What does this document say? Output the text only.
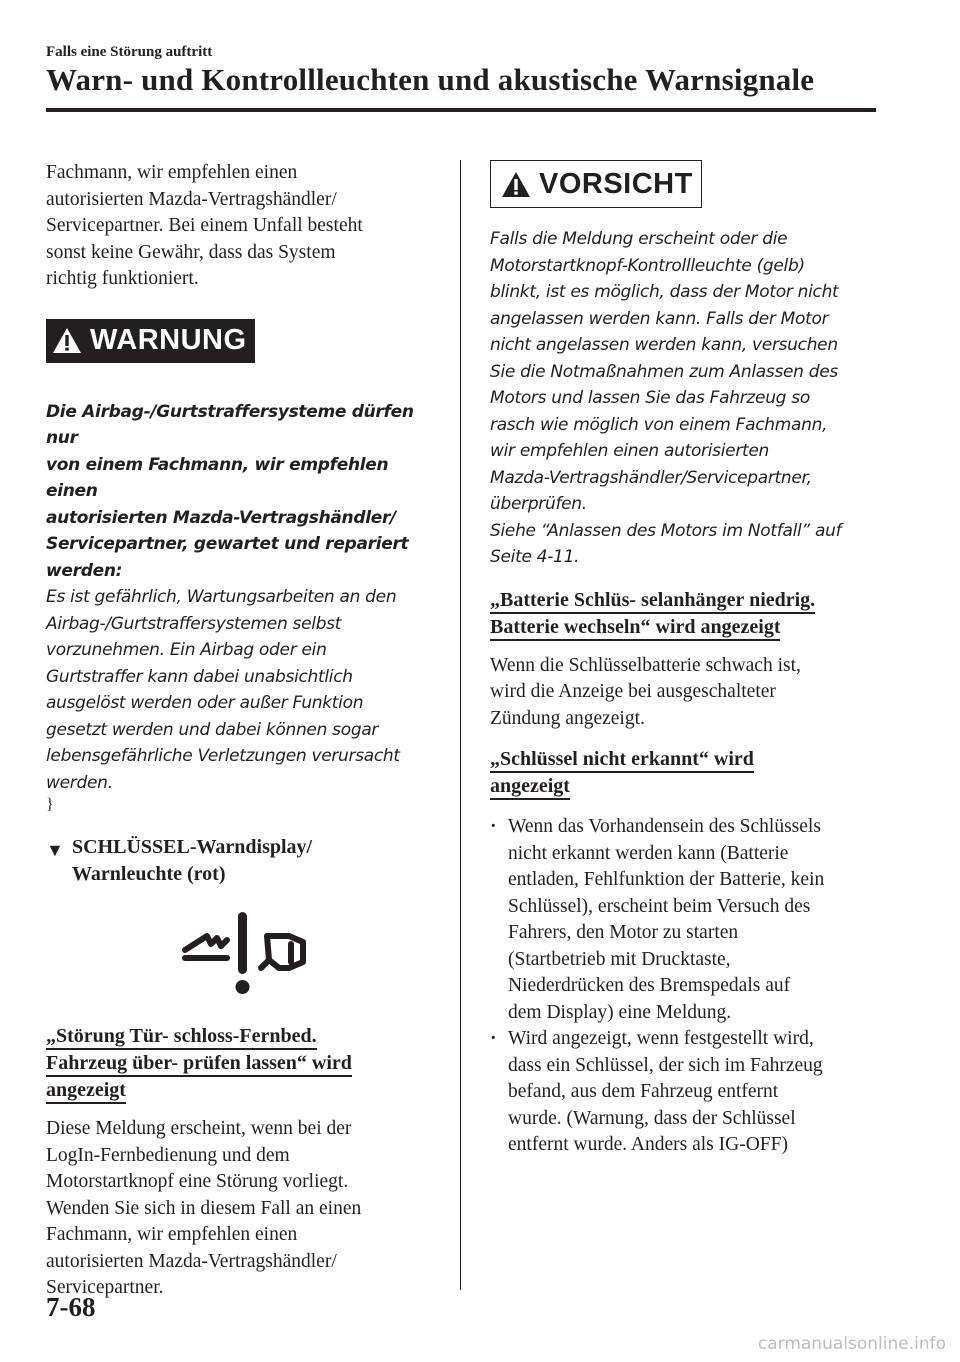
Falls eine Störung auftritt
Warn- und Kontrollleuchten und akustische Warnsignale

Fachmann, wir empfehlen einen
autorisierten Mazda-Vertragshändler/
Servicepartner. Bei einem Unfall besteht
sonst keine Gewähr, dass das System
richtig funktioniert.

WARNUNG

Die Airbag-/Gurtstraffersysteme dürfen nur
von einem Fachmann, wir empfehlen einen
autorisierten Mazda-Vertragshändler/
Servicepartner, gewartet und repariert
werden:

Es ist gefährlich, Wartungsarbeiten an den
Airbag-/Gurtstraffersystemen selbst
vorzunehmen. Ein Airbag oder ein
Gurtstraffer kann dabei unabsichtlich
ausgelöst werden oder außer Funktion
gesetzt werden und dabei können sogar
lebensgefährliche Verletzungen verursacht
werden.

}
▼ SCHLÜSSEL-Warndisplay/
Warnleuchte (rot)

„Störung Tür- schloss-Fernbed.
Fahrzeug über- prüfen lassen“ wird
angezeigt

Diese Meldung erscheint, wenn bei der
LogIn-Fernbedienung und dem
Motorstartknopf eine Störung vorliegt.
Wenden Sie sich in diesem Fall an einen
Fachmann, wir empfehlen einen
autorisierten Mazda-Vertragshändler/
Servicepartner.

VORSICHT

Falls die Meldung erscheint oder die
Motorstartknopf-Kontrollleuchte (gelb)
blinkt, ist es möglich, dass der Motor nicht
angelassen werden kann. Falls der Motor
nicht angelassen werden kann, versuchen
Sie die Notmaßnahmen zum Anlassen des
Motors und lassen Sie das Fahrzeug so
rasch wie möglich von einem Fachmann,
wir empfehlen einen autorisierten
Mazda-Vertragshändler/Servicepartner,
überprüfen.
Siehe “Anlassen des Motors im Notfall” auf
Seite 4-11.

„Batterie Schlüs- selanhänger niedrig.
Batterie wechseln“ wird angezeigt

Wenn die Schlüsselbatterie schwach ist,
wird die Anzeige bei ausgeschalteter
Zündung angezeigt.

„Schlüssel nicht erkannt“ wird
angezeigt

· Wenn das Vorhandensein des Schlüssels
nicht erkannt werden kann (Batterie
entladen, Fehlfunktion der Batterie, kein
Schlüssel), erscheint beim Versuch des
Fahrers, den Motor zu starten
(Startbetrieb mit Drucktaste,
Niederdrücken des Bremspedals auf
dem Display) eine Meldung.
· Wird angezeigt, wenn festgestellt wird,
dass ein Schlüssel, der sich im Fahrzeug
befand, aus dem Fahrzeug entfernt
wurde. (Warnung, dass der Schlüssel
entfernt wurde. Anders als IG-OFF)
7-68
carmanualsonline.info
